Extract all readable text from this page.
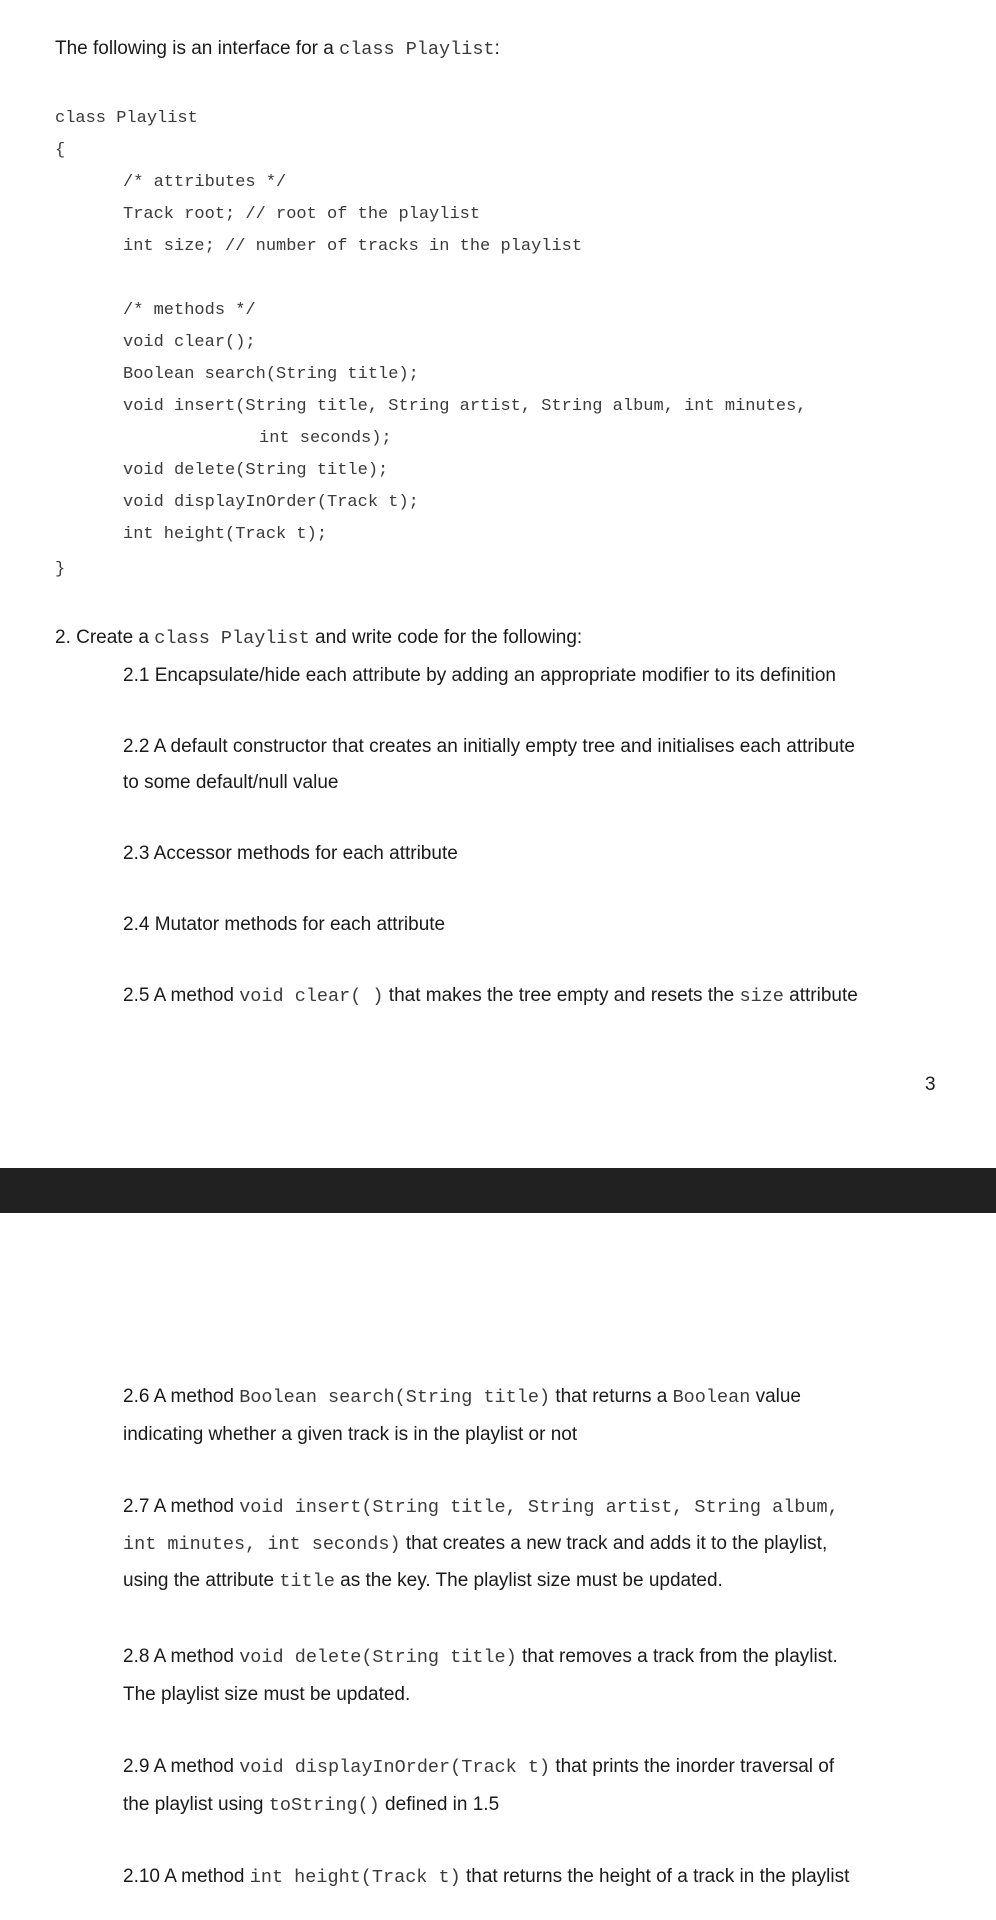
The following is an interface for a class Playlist:
class Playlist
{
/* attributes */
Track root; // root of the playlist
int size; // number of tracks in the playlist
/* methods */
void clear();
Boolean search(String title);
void insert(String title, String artist, String album, int minutes,
int seconds);
void delete(String title);
void displayInOrder(Track t);
int height(Track t);
}
2. Create a class Playlist and write code for the following:
2.1 Encapsulate/hide each attribute by adding an appropriate modifier to its definition
2.2 A default constructor that creates an initially empty tree and initialises each attribute
to some default/null value
2.3 Accessor methods for each attribute
2.4 Mutator methods for each attribute
2.5 A method void clear( ) that makes the tree empty and resets the size attribute
3
2.6 A method Boolean search(String title) that returns a Boolean value
indicating whether a given track is in the playlist or not
2.7 A method void insert(String title, String artist, String album,
int minutes, int seconds) that creates a new track and adds it to the playlist,
using the attribute title as the key. The playlist size must be updated.
2.8 A method void delete(String title) that removes a track from the playlist.
The playlist size must be updated.
2.9 A method void displayInOrder(Track t) that prints the inorder traversal of
the playlist using toString() defined in 1.5
2.10 A method int height(Track t) that returns the height of a track in the playlist
